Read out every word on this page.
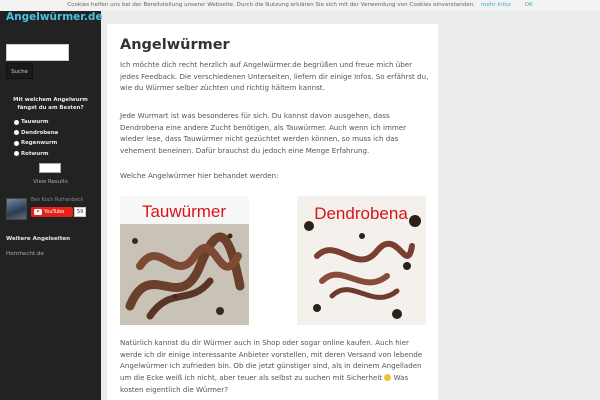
Cookies helfen uns bei der Bereitstellung unserer Webseite. Durch die Nutzung erklären Sie sich mit der Verwendung von Cookies einverstanden. mehr Infos OK
Angelwürmer.de
Suche
Mit welchem Angelwurm fängst du am Besten?
Tauwurm
Dendrobena
Regenwurm
Rotwurm
View Results
Ben Koch Ruthenbeck
YouTube	59
Weitere Angelseiten
Hornhecht.de
Angelwürmer

Ich möchte dich recht herzlich auf Angelwürmer.de begrüßen und freue mich über jedes Feedback. Die verschiedenen Unterseiten, liefern dir einige Infos. So erfährst du, wie du Würmer selber züchten und richtig hältern kannst.

Jede Wurmart ist was besonderes für sich. Du kannst davon ausgehen, dass Dendrobena eine andere Zucht benötigen, als Tauwürmer. Auch wenn ich immer wieder lese, dass Tauwürmer nicht gezüchtet werden können, so muss ich das vehement beneinen. Dafür brauchst du jedoch eine Menge Erfahrung.

Welche Angelwürmer hier behandet werden:

Tauwürmer	Dendrobena

Natürlich kannst du dir Würmer auch in Shop oder sogar online kaufen. Auch hier werde ich dir einige interessante Anbieter vorstellen, mit deren Versand von lebende Angelwürmer ich zufrieden bin. Ob die jetzt günstiger sind, als in deinem Angelladen um die Ecke weiß ich nicht, aber teuer als selbst zu suchen mit Sicherheit Was kosten eigentlich die Würmer?
